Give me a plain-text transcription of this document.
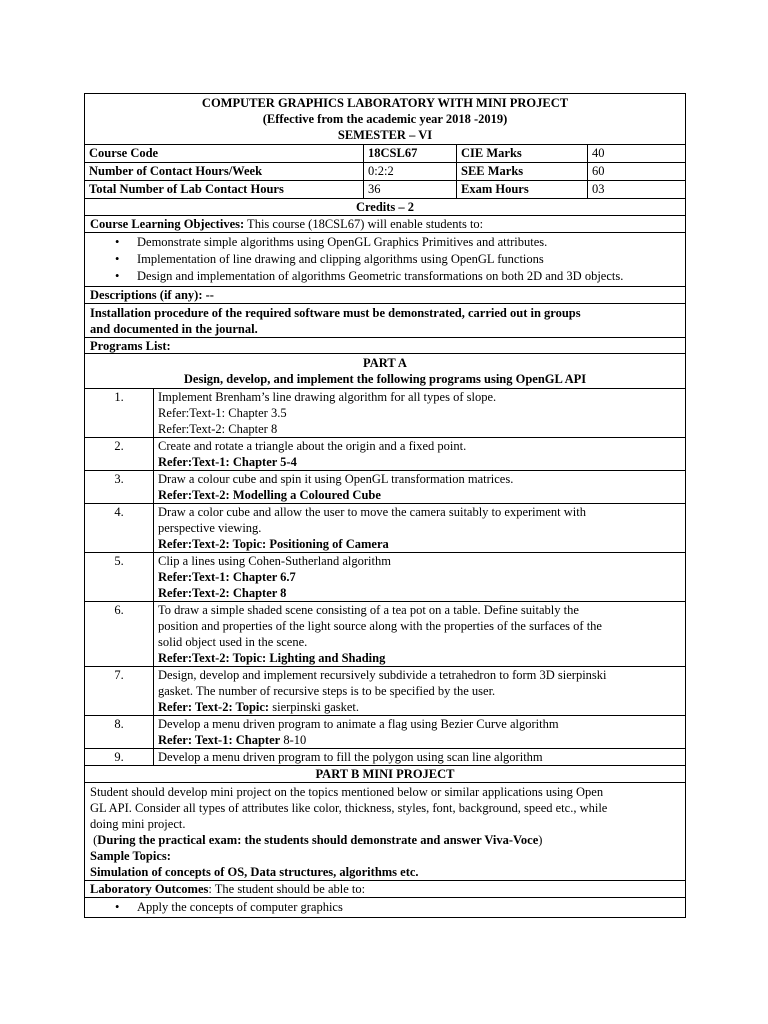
COMPUTER GRAPHICS LABORATORY WITH MINI PROJECT
(Effective from the academic year 2018 -2019)
SEMESTER – VI
Course Code	18CSL67	CIE Marks	40
Number of Contact Hours/Week	0:2:2	SEE Marks	60
Total Number of Lab Contact Hours	36	Exam Hours	03
Credits – 2
Course Learning Objectives: This course (18CSL67) will enable students to:
• Demonstrate simple algorithms using OpenGL Graphics Primitives and attributes.
• Implementation of line drawing and clipping algorithms using OpenGL functions
• Design and implementation of algorithms Geometric transformations on both 2D and 3D objects.
Descriptions (if any): --
Installation procedure of the required software must be demonstrated, carried out in groups
and documented in the journal.
Programs List:
PART A
Design, develop, and implement the following programs using OpenGL API
1.	Implement Brenham’s line drawing algorithm for all types of slope.
Refer:Text-1: Chapter 3.5
Refer:Text-2: Chapter 8
2.	Create and rotate a triangle about the origin and a fixed point.
Refer:Text-1: Chapter 5-4
3.	Draw a colour cube and spin it using OpenGL transformation matrices.
Refer:Text-2: Modelling a Coloured Cube
4.	Draw a color cube and allow the user to move the camera suitably to experiment with
perspective viewing.
Refer:Text-2: Topic: Positioning of Camera
5.	Clip a lines using Cohen-Sutherland algorithm
Refer:Text-1: Chapter 6.7
Refer:Text-2: Chapter 8
6.	To draw a simple shaded scene consisting of a tea pot on a table. Define suitably the
position and properties of the light source along with the properties of the surfaces of the
solid object used in the scene.
Refer:Text-2: Topic: Lighting and Shading
7.	Design, develop and implement recursively subdivide a tetrahedron to form 3D sierpinski
gasket. The number of recursive steps is to be specified by the user.
Refer: Text-2: Topic: sierpinski gasket.
8.	Develop a menu driven program to animate a flag using Bezier Curve algorithm
Refer: Text-1: Chapter 8-10
9.	Develop a menu driven program to fill the polygon using scan line algorithm
PART B MINI PROJECT
Student should develop mini project on the topics mentioned below or similar applications using Open
GL API. Consider all types of attributes like color, thickness, styles, font, background, speed etc., while
doing mini project.
(During the practical exam: the students should demonstrate and answer Viva-Voce)
Sample Topics:
Simulation of concepts of OS, Data structures, algorithms etc.
Laboratory Outcomes: The student should be able to:
• Apply the concepts of computer graphics
